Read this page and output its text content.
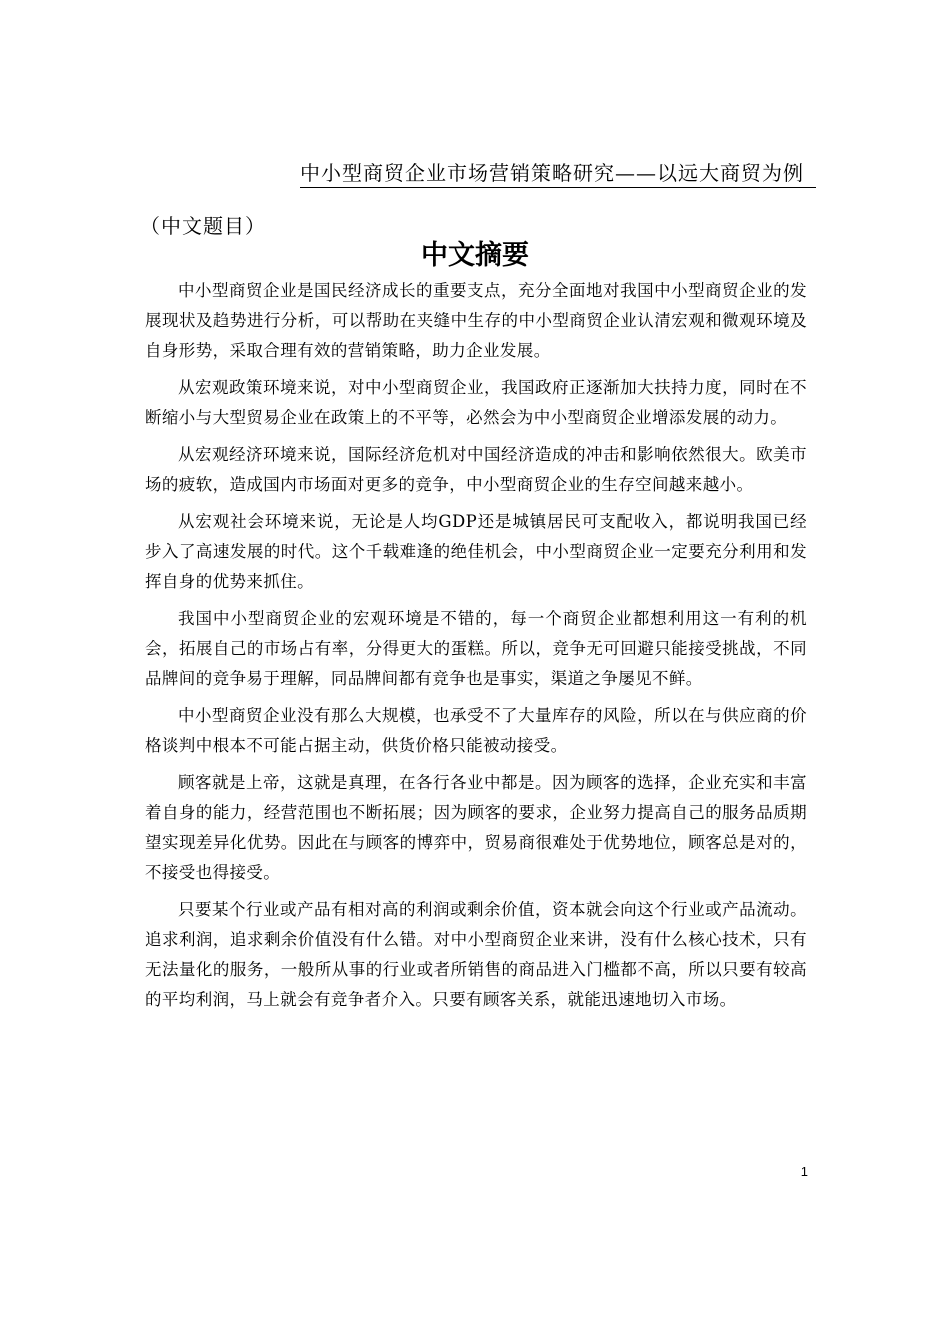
（中文题目）
中小型商贸企业市场营销策略研究——以远大商贸为例
中文摘要

中小型商贸企业是国民经济成长的重要支点，充分全面地对我国中小型商贸企业的发展现状及趋势进行分析，可以帮助在夹缝中生存的中小型商贸企业认清宏观和微观环境及自身形势，采取合理有效的营销策略，助力企业发展。

从宏观政策环境来说，对中小型商贸企业，我国政府正逐渐加大扶持力度，同时在不断缩小与大型贸易企业在政策上的不平等，必然会为中小型商贸企业增添发展的动力。

从宏观经济环境来说，国际经济危机对中国经济造成的冲击和影响依然很大。欧美市场的疲软，造成国内市场面对更多的竞争，中小型商贸企业的生存空间越来越小。

从宏观社会环境来说，无论是人均GDP还是城镇居民可支配收入，都说明我国已经步入了高速发展的时代。这个千载难逢的绝佳机会，中小型商贸企业一定要充分利用和发挥自身的优势来抓住。

我国中小型商贸企业的宏观环境是不错的，每一个商贸企业都想利用这一有利的机会，拓展自己的市场占有率，分得更大的蛋糕。所以，竞争无可回避只能接受挑战，不同品牌间的竞争易于理解，同品牌间都有竞争也是事实，渠道之争屡见不鲜。

中小型商贸企业没有那么大规模，也承受不了大量库存的风险，所以在与供应商的价格谈判中根本不可能占据主动，供货价格只能被动接受。

顾客就是上帝，这就是真理，在各行各业中都是。因为顾客的选择，企业充实和丰富着自身的能力，经营范围也不断拓展；因为顾客的要求，企业努力提高自己的服务品质期望实现差异化优势。因此在与顾客的博弈中，贸易商很难处于优势地位，顾客总是对的，不接受也得接受。

只要某个行业或产品有相对高的利润或剩余价值，资本就会向这个行业或产品流动。追求利润，追求剩余价值没有什么错。对中小型商贸企业来讲，没有什么核心技术，只有无法量化的服务，一般所从事的行业或者所销售的商品进入门槛都不高，所以只要有较高的平均利润，马上就会有竞争者介入。只要有顾客关系，就能迅速地切入市场。

1
